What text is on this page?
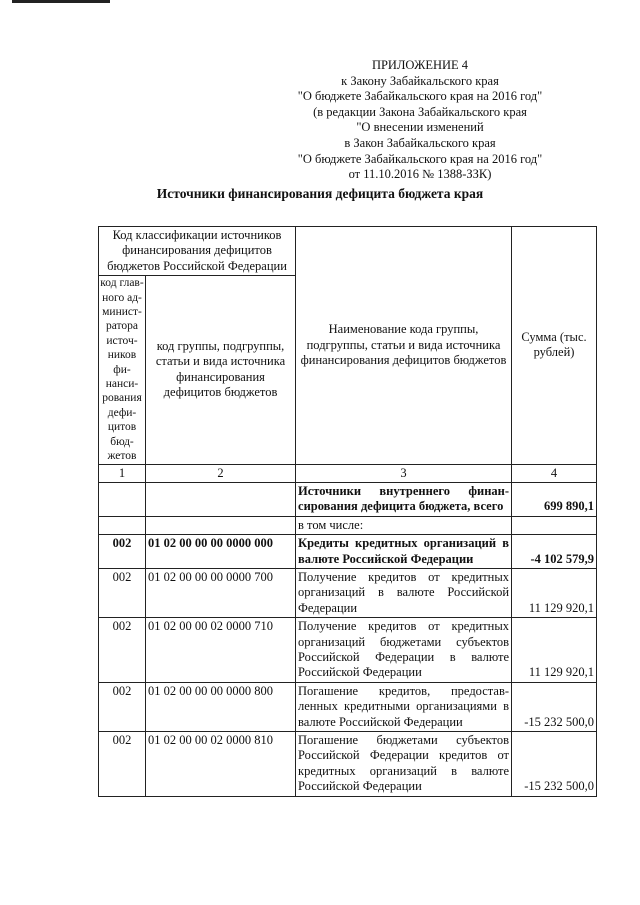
ПРИЛОЖЕНИЕ 4
к Закону Забайкальского края
"О бюджете Забайкальского края на 2016 год"
(в редакции Закона Забайкальского края
"О внесении изменений
в Закон Забайкальского края
"О бюджете Забайкальского края на 2016 год"
от 11.10.2016 № 1388-ЗЗК)
Источники финансирования дефицита бюджета края
Код классификации источников финансирования дефицитов бюджетов Российской Федерации		Наименование кода группы, подгруппы, статьи и вида источника финансирования дефицитов бюджетов	Сумма (тыс. рублей)
код глав-ного ад-минист-ратора источ-ников фи-нанси-рования дефи-цитов бюд-жетов	код группы, подгруппы, статьи и вида источника финансирования дефицитов бюджетов		
1	2	3	4
		Источники внутреннего финан-сирования дефицита бюджета, всего	699 890,1
		в том числе:	
002	01 02 00 00 00 0000 000	Кредиты кредитных организаций в валюте Российской Федерации	-4 102 579,9
002	01 02 00 00 00 0000 700	Получение кредитов от кредитных организаций в валюте Российской Федерации	11 129 920,1
002	01 02 00 00 02 0000 710	Получение кредитов от кредитных организаций бюджетами субъектов Российской Федерации в валюте Российской Федерации	11 129 920,1
002	01 02 00 00 00 0000 800	Погашение кредитов, предостав-ленных кредитными организациями в валюте Российской Федерации	-15 232 500,0
002	01 02 00 00 02 0000 810	Погашение бюджетами субъектов Российской Федерации кредитов от кредитных организаций в валюте Российской Федерации	-15 232 500,0
